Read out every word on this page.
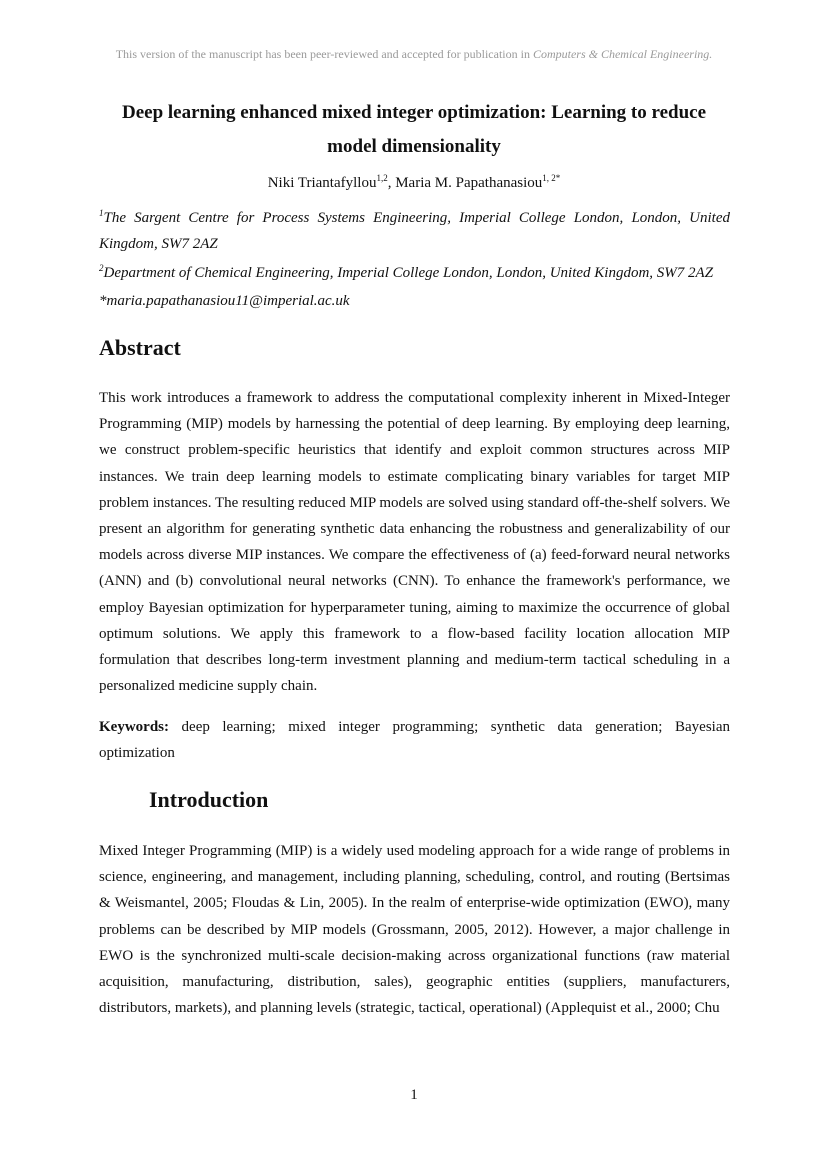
This version of the manuscript has been peer-reviewed and accepted for publication in Computers & Chemical Engineering.
Deep learning enhanced mixed integer optimization: Learning to reduce model dimensionality
Niki Triantafyllou$^{1,2}$, Maria M. Papathanasiou$^{1, 2*}$
$^1$The Sargent Centre for Process Systems Engineering, Imperial College London, London, United Kingdom, SW7 2AZ
$^2$Department of Chemical Engineering, Imperial College London, London, United Kingdom, SW7 2AZ
*maria.papathanasiou11@imperial.ac.uk
Abstract

This work introduces a framework to address the computational complexity inherent in Mixed-Integer Programming (MIP) models by harnessing the potential of deep learning. By employing deep learning, we construct problem-specific heuristics that identify and exploit common structures across MIP instances. We train deep learning models to estimate complicating binary variables for target MIP problem instances. The resulting reduced MIP models are solved using standard off-the-shelf solvers. We present an algorithm for generating synthetic data enhancing the robustness and generalizability of our models across diverse MIP instances. We compare the effectiveness of (a) feed-forward neural networks (ANN) and (b) convolutional neural networks (CNN). To enhance the framework's performance, we employ Bayesian optimization for hyperparameter tuning, aiming to maximize the occurrence of global optimum solutions. We apply this framework to a flow-based facility location allocation MIP formulation that describes long-term investment planning and medium-term tactical scheduling in a personalized medicine supply chain.

Keywords: deep learning; mixed integer programming; synthetic data generation; Bayesian optimization

Introduction

Mixed Integer Programming (MIP) is a widely used modeling approach for a wide range of problems in science, engineering, and management, including planning, scheduling, control, and routing (Bertsimas & Weismantel, 2005; Floudas & Lin, 2005). In the realm of enterprise-wide optimization (EWO), many problems can be described by MIP models (Grossmann, 2005, 2012). However, a major challenge in EWO is the synchronized multi-scale decision-making across organizational functions (raw material acquisition, manufacturing, distribution, sales), geographic entities (suppliers, manufacturers, distributors, markets), and planning levels (strategic, tactical, operational) (Applequist et al., 2000; Chu

1
